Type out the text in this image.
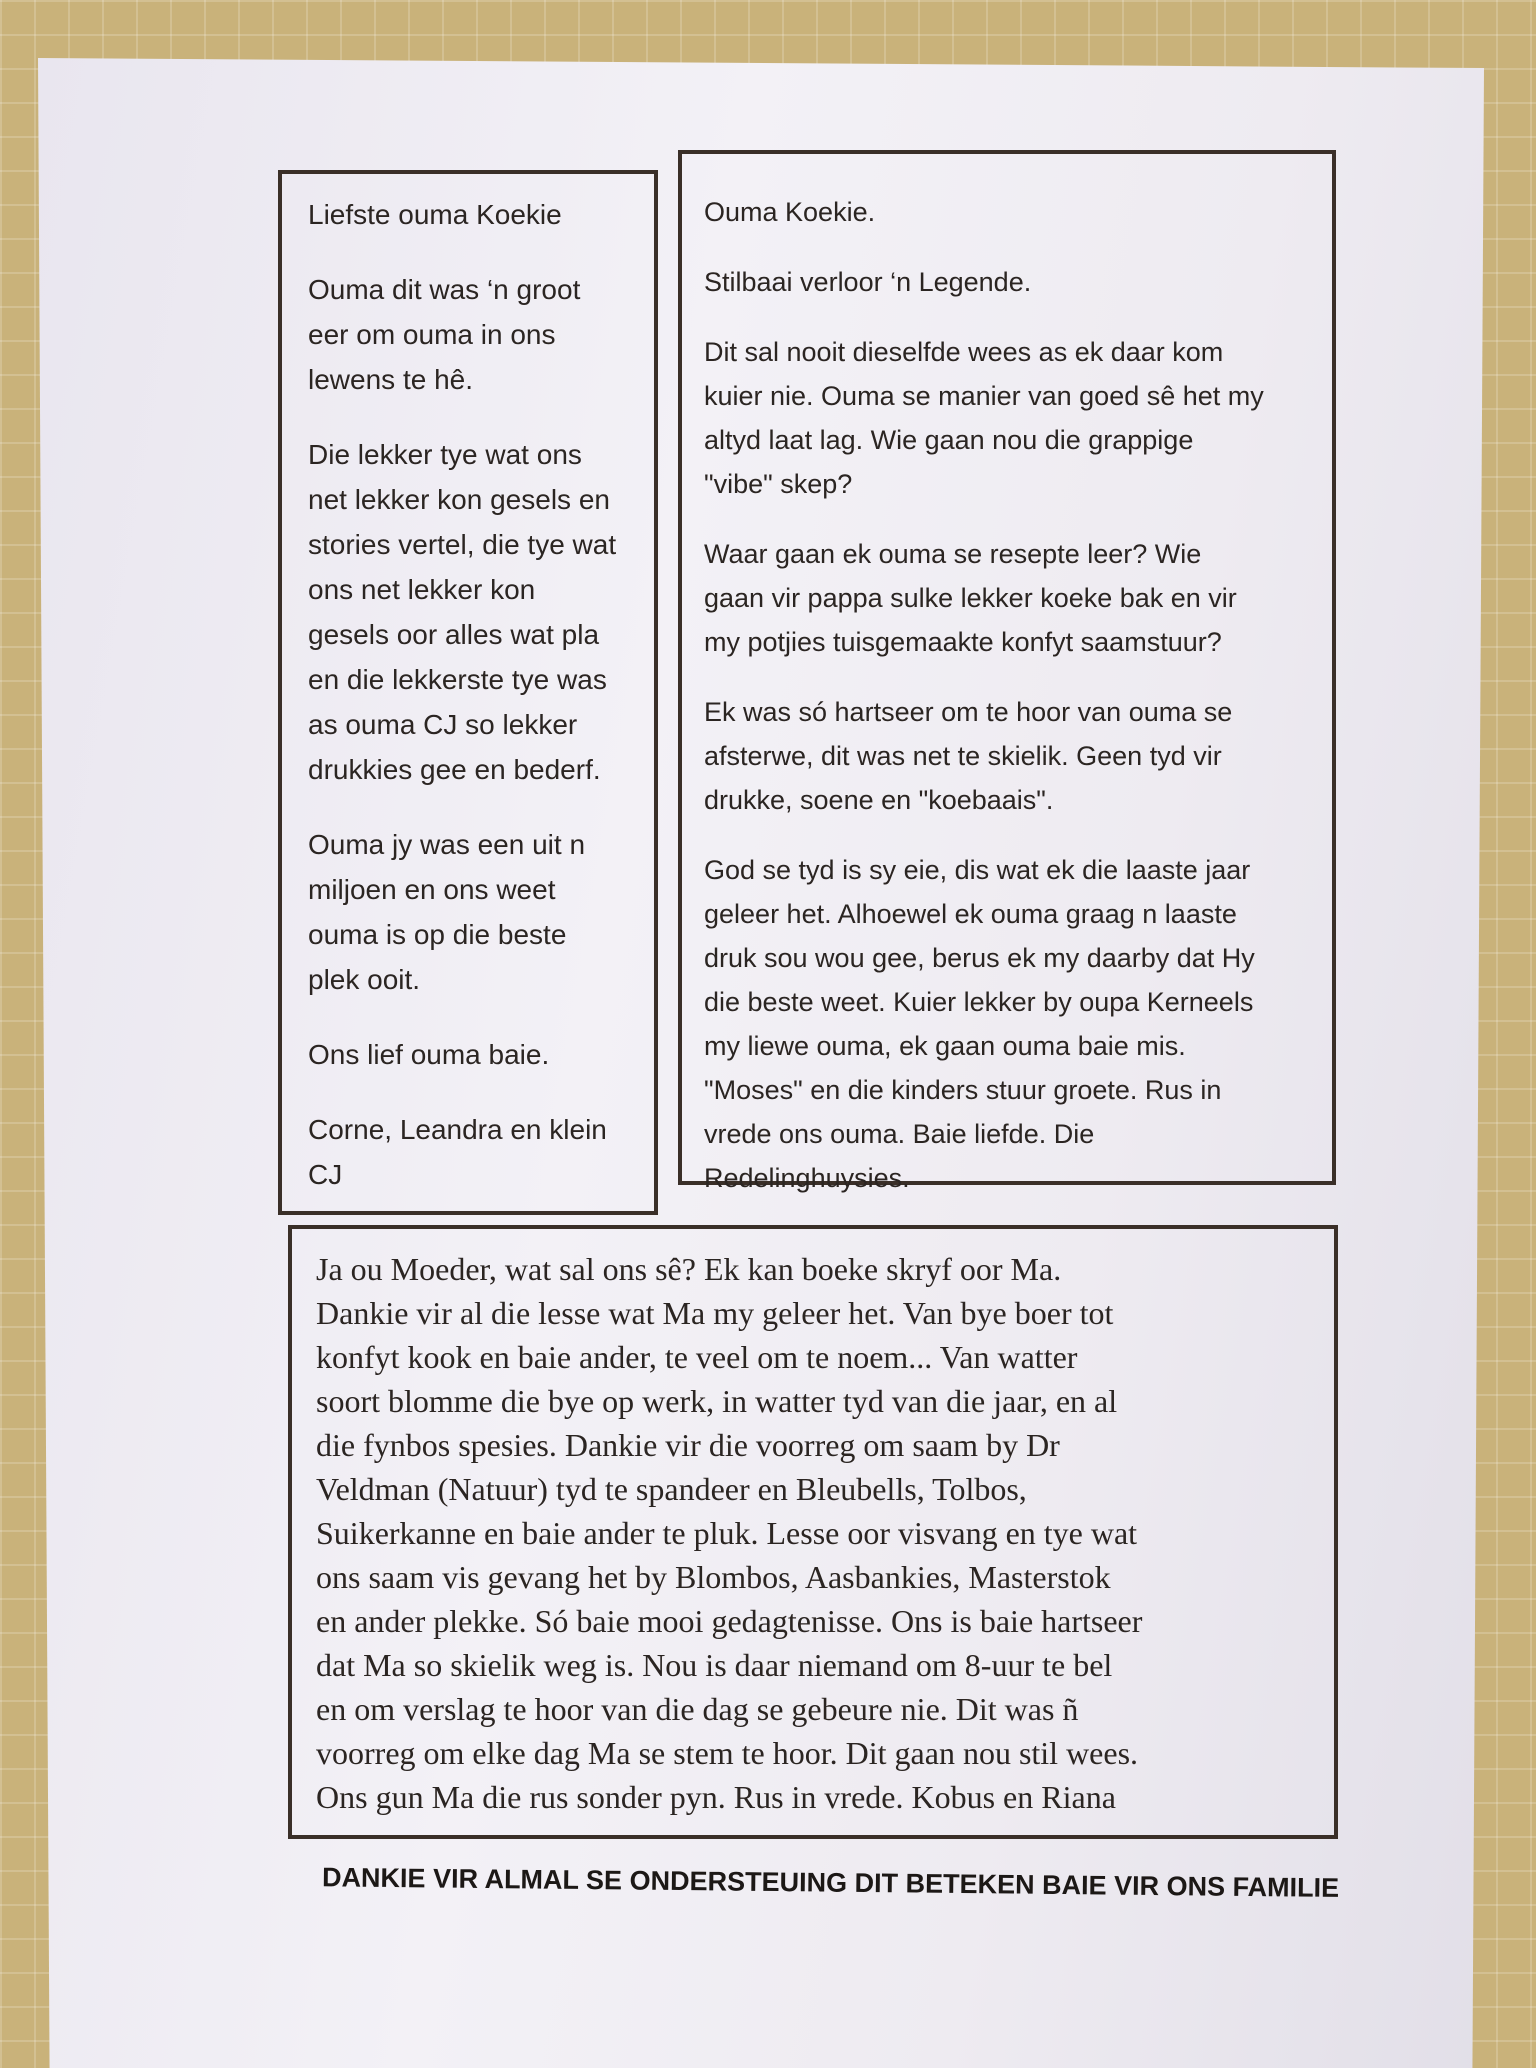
Liefste ouma Koekie

Ouma dit was ‘n groot
eer om ouma in ons
lewens te hê.

Die lekker tye wat ons
net lekker kon gesels en
stories vertel, die tye wat
ons net lekker kon
gesels oor alles wat pla
en die lekkerste tye was
as ouma CJ so lekker
drukkies gee en bederf.

Ouma jy was een uit n
miljoen en ons weet
ouma is op die beste
plek ooit.

Ons lief ouma baie.

Corne, Leandra en klein
CJ

Ouma Koekie.

Stilbaai verloor ‘n Legende.

Dit sal nooit dieselfde wees as ek daar kom
kuier nie. Ouma se manier van goed sê het my
altyd laat lag. Wie gaan nou die grappige
"vibe" skep?

Waar gaan ek ouma se resepte leer? Wie
gaan vir pappa sulke lekker koeke bak en vir
my potjies tuisgemaakte konfyt saamstuur?

Ek was só hartseer om te hoor van ouma se
afsterwe, dit was net te skielik. Geen tyd vir
drukke, soene en "koebaais".

God se tyd is sy eie, dis wat ek die laaste jaar
geleer het. Alhoewel ek ouma graag n laaste
druk sou wou gee, berus ek my daarby dat Hy
die beste weet. Kuier lekker by oupa Kerneels
my liewe ouma, ek gaan ouma baie mis.
"Moses" en die kinders stuur groete. Rus in
vrede ons ouma. Baie liefde. Die
Redelinghuysies.

Ja ou Moeder, wat sal ons sê? Ek kan boeke skryf oor Ma.
Dankie vir al die lesse wat Ma my geleer het. Van bye boer tot
konfyt kook en baie ander, te veel om te noem... Van watter
soort blomme die bye op werk, in watter tyd van die jaar, en al
die fynbos spesies. Dankie vir die voorreg om saam by Dr
Veldman (Natuur) tyd te spandeer en Bleubells, Tolbos,
Suikerkanne en baie ander te pluk. Lesse oor visvang en tye wat
ons saam vis gevang het by Blombos, Aasbankies, Masterstok
en ander plekke. Só baie mooi gedagtenisse. Ons is baie hartseer
dat Ma so skielik weg is. Nou is daar niemand om 8-uur te bel
en om verslag te hoor van die dag se gebeure nie. Dit was ñ
voorreg om elke dag Ma se stem te hoor. Dit gaan nou stil wees.
Ons gun Ma die rus sonder pyn. Rus in vrede. Kobus en Riana

DANKIE VIR ALMAL SE ONDERSTEUING DIT BETEKEN BAIE VIR ONS FAMILIE
